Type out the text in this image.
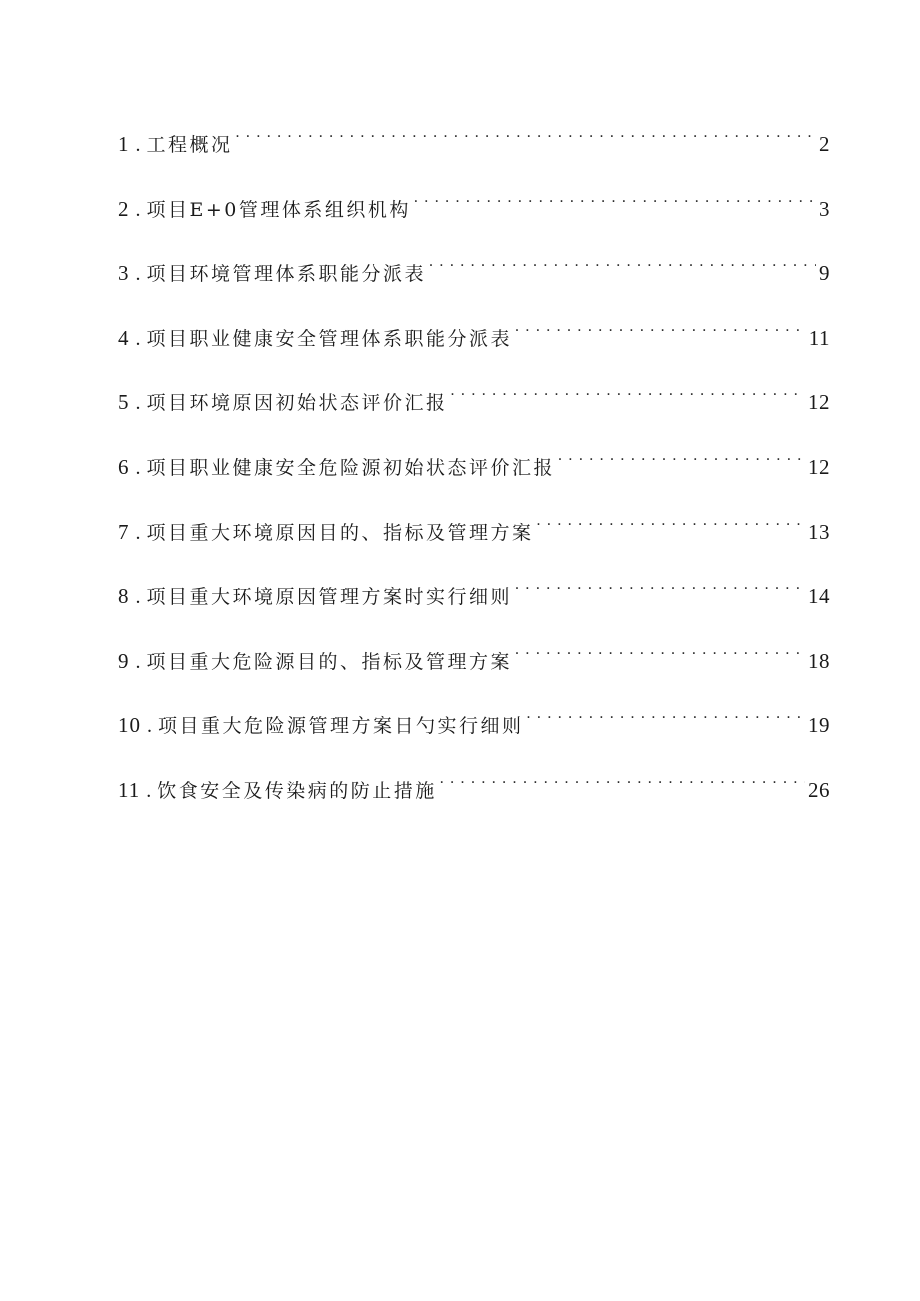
1 . 工程概况 . . .	2
2 . 项目E+0管理体系组织机构 . . .	3
3 . 项目环境管理体系职能分派表 . . .	9
4 . 项目职业健康安全管理体系职能分派表 . . .	11
5 . 项目环境原因初始状态评价汇报 . . .	12
6 . 项目职业健康安全危险源初始状态评价汇报 . . .	12
7 . 项目重大环境原因目的、指标及管理方案 . . .	13
8 . 项目重大环境原因管理方案时实行细则 . . .	14
9 . 项目重大危险源目的、指标及管理方案 . . .	18
10 . 项目重大危险源管理方案日勺实行细则 . . .	19
11 . 饮食安全及传染病的防止措施 . . .	26
